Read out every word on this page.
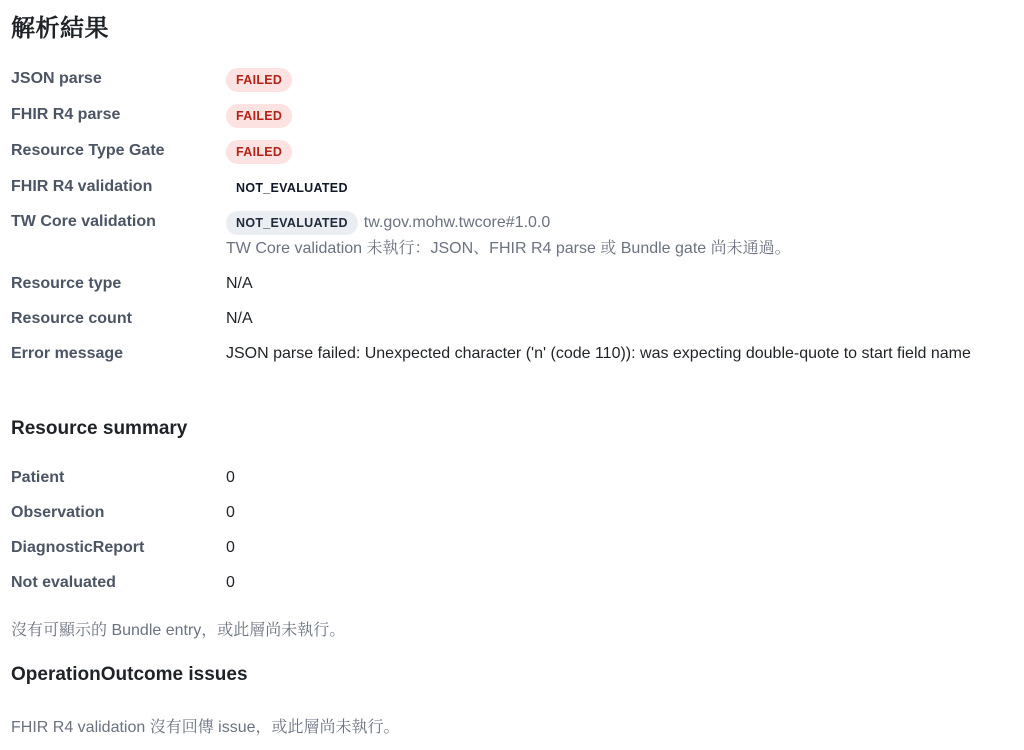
解析結果
JSON parse	FAILED
FHIR R4 parse	FAILED
Resource Type Gate	FAILED
FHIR R4 validation	NOT_EVALUATED
TW Core validation	NOT_EVALUATED tw.gov.mohw.twcore#1.0.0
TW Core validation 未執行：JSON、FHIR R4 parse 或 Bundle gate 尚未通過。
Resource type	N/A
Resource count	N/A
Error message	JSON parse failed: Unexpected character ('n' (code 110)): was expecting double-quote to start field name
Resource summary
Patient	0
Observation	0
DiagnosticReport	0
Not evaluated	0
沒有可顯示的 Bundle entry，或此層尚未執行。
OperationOutcome issues
FHIR R4 validation 沒有回傳 issue，或此層尚未執行。
